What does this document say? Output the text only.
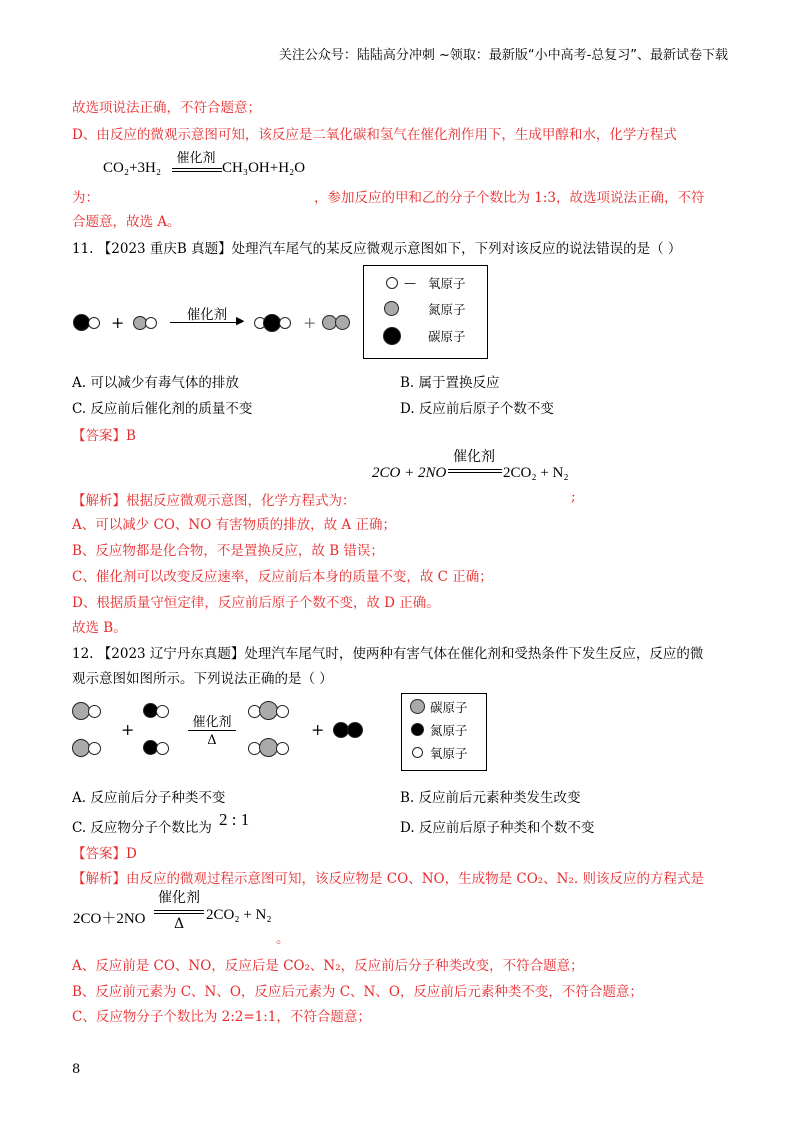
关注公众号：陆陆高分冲刺 ~领取：最新版“小中高考-总复习”、最新试卷下载
故选项说法正确，不符合题意；
D、由反应的微观示意图可知，该反应是二氧化碳和氢气在催化剂作用下，生成甲醇和水，化学方程式
CO₂+3H₂
催化剂
CH₃OH+H₂O
为：	，参加反应的甲和乙的分子个数比为 1:3，故选项说法正确，不符
合题意，故选 A。
11. 【2023 重庆B 真题】处理汽车尾气的某反应微观示意图如下，下列对该反应的说法错误的是（ ）
+	催化剂 ▶	+
— 氧原子
氮原子
碳原子
A. 可以减少有毒气体的排放	B. 属于置换反应
C. 反应前后催化剂的质量不变	D. 反应前后原子个数不变
【答案】B
2CO + 2NO
催化剂
2CO₂ + N₂
【解析】根据反应微观示意图，化学方程式为：	;
A、可以减少 CO、NO 有害物质的排放，故 A 正确；
B、反应物都是化合物，不是置换反应，故 B 错误；
C、催化剂可以改变反应速率，反应前后本身的质量不变，故 C 正确；
D、根据质量守恒定律，反应前后原子个数不变，故 D 正确。
故选 B。
12. 【2023 辽宁丹东真题】处理汽车尾气时，使两种有害气体在催化剂和受热条件下发生反应，反应的微
观示意图如图所示。下列说法正确的是（ ）
+	催化剂
Δ
+
碳原子
氮原子
氧原子
A. 反应前后分子种类不变	B. 反应前后元素种类发生改变
C. 反应物分子个数比为 2 : 1	D. 反应前后原子种类和个数不变
【答案】D
【解析】由反应的微观过程示意图可知，该反应物是 CO、NO，生成物是 CO₂、N₂. 则该反应的方程式是
2CO＋2NO
催化剂
Δ
2CO₂ + N₂
。
A、反应前是 CO、NO，反应后是 CO₂、N₂，反应前后分子种类改变，不符合题意；
B、反应前元素为 C、N、O，反应后元素为 C、N、O，反应前后元素种类不变，不符合题意；
C、反应物分子个数比为 2:2=1:1，不符合题意；
8
